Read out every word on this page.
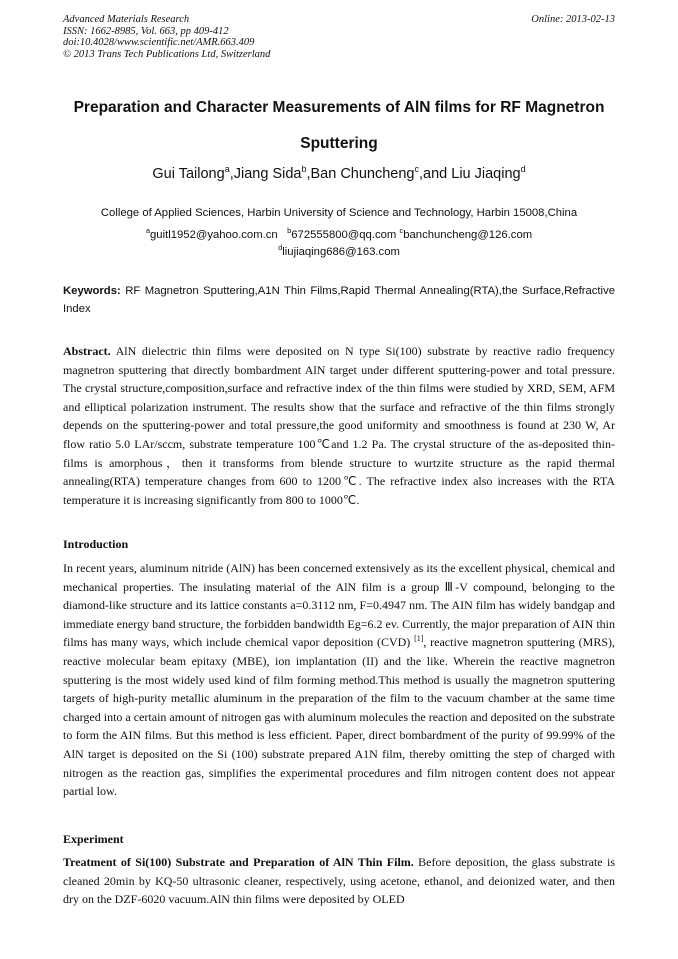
Advanced Materials Research
ISSN: 1662-8985, Vol. 663, pp 409-412
doi:10.4028/www.scientific.net/AMR.663.409
© 2013 Trans Tech Publications Ltd, Switzerland
Online: 2013-02-13
Preparation and Character Measurements of AlN films for RF Magnetron
Sputtering
Gui Tailong$^a$,Jiang Sida$^b$,Ban Chuncheng$^c$,and Liu Jiaqing$^d$
College of Applied Sciences, Harbin University of Science and Technology, Harbin 15008,China
$^a$guitl1952@yahoo.com.cn $^b$672555800@qq.com $^c$banchuncheng@126.com
$^d$liujiaqing686@163.com
Keywords: RF Magnetron Sputtering,A1N Thin Films,Rapid Thermal Annealing(RTA),the Surface,Refractive Index
Abstract. AlN dielectric thin films were deposited on N type Si(100) substrate by reactive radio frequency magnetron sputtering that directly bombardment AlN target under different sputtering-power and total pressure. The crystal structure,composition,surface and refractive index of the thin films were studied by XRD, SEM, AFM and elliptical polarization instrument. The results show that the surface and refractive of the thin films strongly depends on the sputtering-power and total pressure,the good uniformity and smoothness is found at 230 W, Ar flow ratio 5.0 LAr/sccm, substrate temperature 100℃and 1.2 Pa. The crystal structure of the as-deposited thin-films is amorphous，then it transforms from blende structure to wurtzite structure as the rapid thermal annealing(RTA) temperature changes from 600 to 1200℃. The refractive index also increases with the RTA temperature it is increasing significantly from 800 to 1000℃.
Introduction
In recent years, aluminum nitride (AlN) has been concerned extensively as its the excellent physical, chemical and mechanical properties. The insulating material of the AlN film is a group Ⅲ-V compound, belonging to the diamond-like structure and its lattice constants a=0.3112 nm, F=0.4947 nm. The AIN film has widely bandgap and immediate energy band structure, the forbidden bandwidth Eg=6.2 ev. Currently, the major preparation of AIN thin films has many ways, which include chemical vapor deposition (CVD) [1], reactive magnetron sputtering (MRS), reactive molecular beam epitaxy (MBE), ion implantation (II) and the like. Wherein the reactive magnetron sputtering is the most widely used kind of film forming method.This method is usually the magnetron sputtering targets of high-purity metallic aluminum in the preparation of the film to the vacuum chamber at the same time charged into a certain amount of nitrogen gas with aluminum molecules the reaction and deposited on the substrate to form the AIN films. But this method is less efficient. Paper, direct bombardment of the purity of 99.99% of the AlN target is deposited on the Si (100) substrate prepared A1N film, thereby omitting the step of charged with nitrogen as the reaction gas, simplifies the experimental procedures and film nitrogen content does not appear partial low.
Experiment
Treatment of Si(100) Substrate and Preparation of AlN Thin Film. Before deposition, the glass substrate is cleaned 20min by KQ-50 ultrasonic cleaner, respectively, using acetone, ethanol, and deionized water, and then dry on the DZF-6020 vacuum.AlN thin films were deposited by OLED
